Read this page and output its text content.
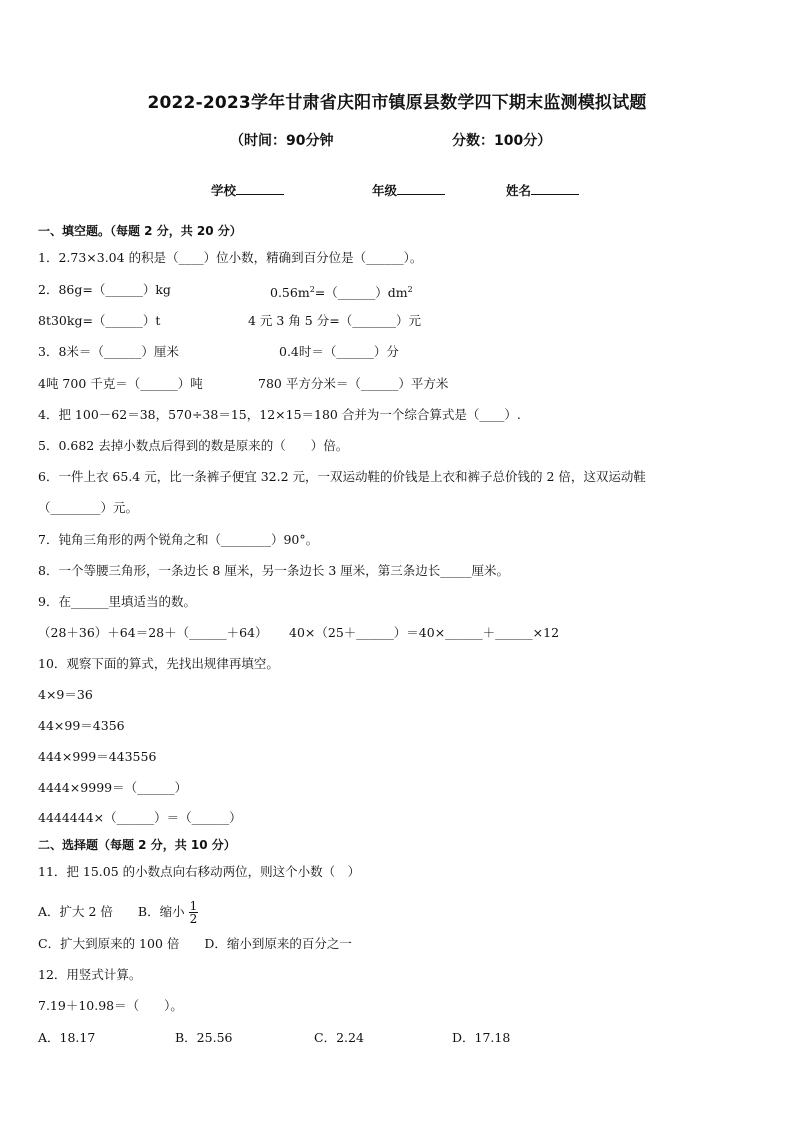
2022-2023学年甘肃省庆阳市镇原县数学四下期末监测模拟试题
（时间：90分钟	分数：100分）
学校	年级	姓名
一、填空题。（每题 2 分，共 20 分）
1．2.73×3.04 的积是（____）位小数，精确到百分位是（______）。
2．86g=（______）kg	$0.56m^2=(\_\_\_\_\_\_)dm^2$
8t30kg=（______）t	4 元 3 角 5 分=（_______）元
3．8米＝（______）厘米	0.4时＝（______）分
4吨 700 千克＝（______）吨	780 平方分米＝（______）平方米
4．把 100－62＝38，570÷38＝15，12×15＝180 合并为一个综合算式是（____）.
5．0.682 去掉小数点后得到的数是原来的（　　）倍。
6．一件上衣 65.4 元，比一条裤子便宜 32.2 元，一双运动鞋的价钱是上衣和裤子总价钱的 2 倍，这双运动鞋
（________）元。
7．钝角三角形的两个锐角之和（________）90°。
8．一个等腰三角形，一条边长 8 厘米，另一条边长 3 厘米，第三条边长_____厘米。
9．在______里填适当的数。
（28＋36）＋64＝28＋（______＋64） 40×（25＋______）＝40×______＋______×12
10．观察下面的算式，先找出规律再填空。
4×9＝36
44×99＝4356
444×999＝443556
4444×9999＝（______）
4444444×（______）＝（______）
二、选择题（每题 2 分，共 10 分）
11．把 15.05 的小数点向右移动两位，则这个小数（　）
A．扩大 2 倍　　B．缩小 $\frac{1}{2}$
C．扩大到原来的 100 倍　　D．缩小到原来的百分之一
12．用竖式计算。
7.19＋10.98＝（　　）。
A．18.17	B．25.56	C．2.24	D．17.18
